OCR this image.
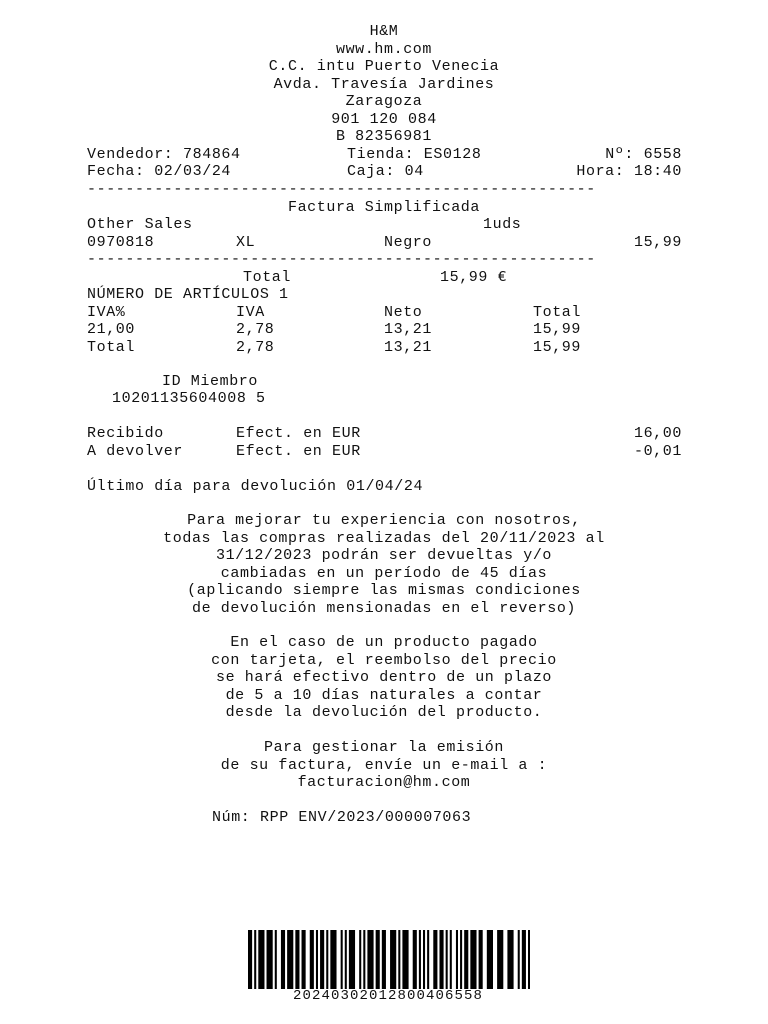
H&M
www.hm.com
C.C. intu Puerto Venecia
Avda. Travesía Jardines
Zaragoza
901 120 084
B 82356981
Vendedor: 784864	Tienda: ES0128	Nº: 6558
Fecha: 02/03/24	Caja: 04	Hora: 18:40
-----------------------------------------------------
Factura Simplificada
Other Sales	1uds
0970818	XL	Negro	15,99
-----------------------------------------------------
Total	15,99 €
NÚMERO DE ARTÍCULOS 1
IVA%	IVA	Neto	Total
21,00	2,78	13,21	15,99
Total	2,78	13,21	15,99
ID Miembro
10201135604008 5
Recibido	Efect. en EUR	16,00
A devolver	Efect. en EUR	-0,01
Último día para devolución 01/04/24
Para mejorar tu experiencia con nosotros,
todas las compras realizadas del 20/11/2023 al
31/12/2023 podrán ser devueltas y/o
cambiadas en un período de 45 días
(aplicando siempre las mismas condiciones
de devolución mensionadas en el reverso)
En el caso de un producto pagado
con tarjeta, el reembolso del precio
se hará efectivo dentro de un plazo
de 5 a 10 días naturales a contar
desde la devolución del producto.
Para gestionar la emisión
de su factura, envíe un e-mail a :
facturacion@hm.com
Núm: RPP ENV/2023/000007063
20240302012800406558
